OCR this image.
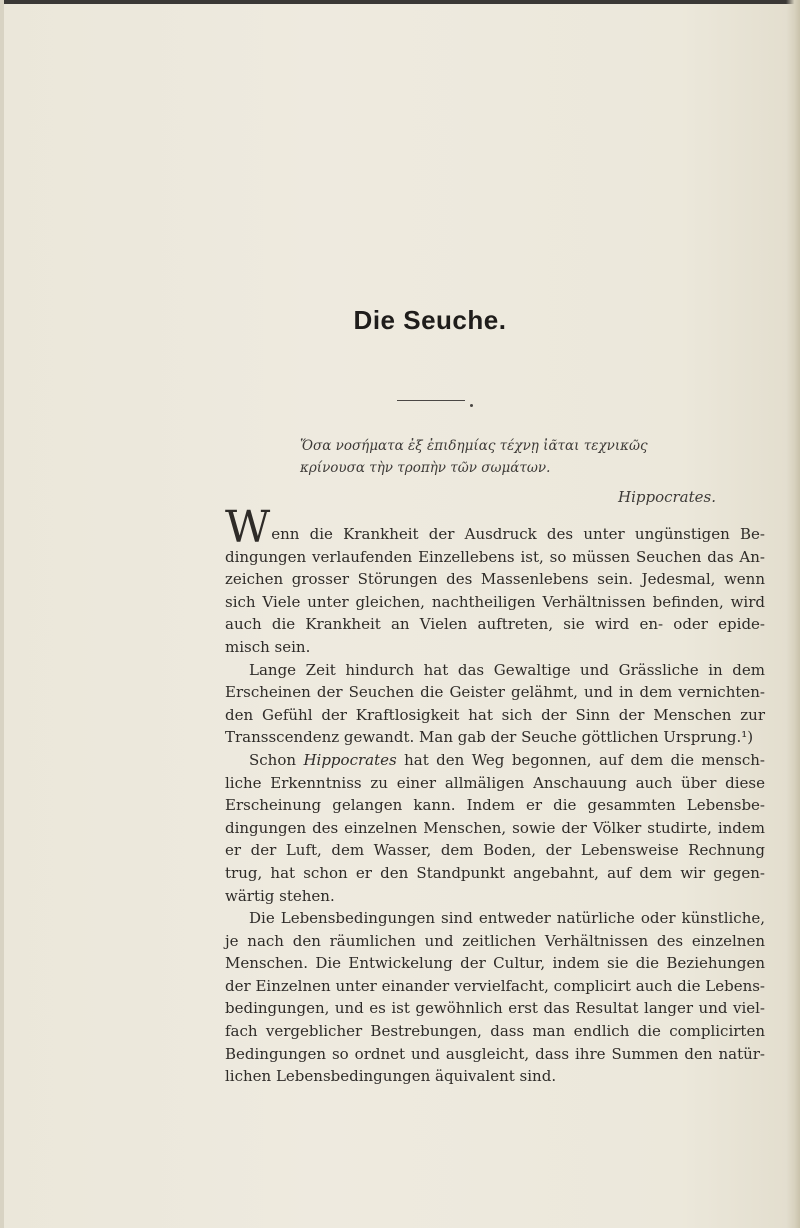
Die Seuche.
Ὅσα νοσήματα ἐξ ἐπιδημίας τέχνῃ ἰᾶται τεχνικῶς
κρίνουσα τὴν τροπὴν τῶν σωμάτων.
Hippocrates.
Wenn die Krankheit der Ausdruck des unter ungünstigen Be-
dingungen verlaufenden Einzellebens ist, so müssen Seuchen das An-
zeichen grosser Störungen des Massenlebens sein. Jedesmal, wenn
sich Viele unter gleichen, nachtheiligen Verhältnissen befinden, wird
auch die Krankheit an Vielen auftreten, sie wird en- oder epide-
misch sein.
Lange Zeit hindurch hat das Gewaltige und Grässliche in dem
Erscheinen der Seuchen die Geister gelähmt, und in dem vernichten-
den Gefühl der Kraftlosigkeit hat sich der Sinn der Menschen zur
Transscendenz gewandt. Man gab der Seuche göttlichen Ursprung.¹)
Schon Hippocrates hat den Weg begonnen, auf dem die mensch-
liche Erkenntniss zu einer allmäligen Anschauung auch über diese
Erscheinung gelangen kann. Indem er die gesammten Lebensbe-
dingungen des einzelnen Menschen, sowie der Völker studirte, indem
er der Luft, dem Wasser, dem Boden, der Lebensweise Rechnung
trug, hat schon er den Standpunkt angebahnt, auf dem wir gegen-
wärtig stehen.
Die Lebensbedingungen sind entweder natürliche oder künstliche,
je nach den räumlichen und zeitlichen Verhältnissen des einzelnen
Menschen. Die Entwickelung der Cultur, indem sie die Beziehungen
der Einzelnen unter einander vervielfacht, complicirt auch die Lebens-
bedingungen, und es ist gewöhnlich erst das Resultat langer und viel-
fach vergeblicher Bestrebungen, dass man endlich die complicirten
Bedingungen so ordnet und ausgleicht, dass ihre Summen den natür-
lichen Lebensbedingungen äquivalent sind.
